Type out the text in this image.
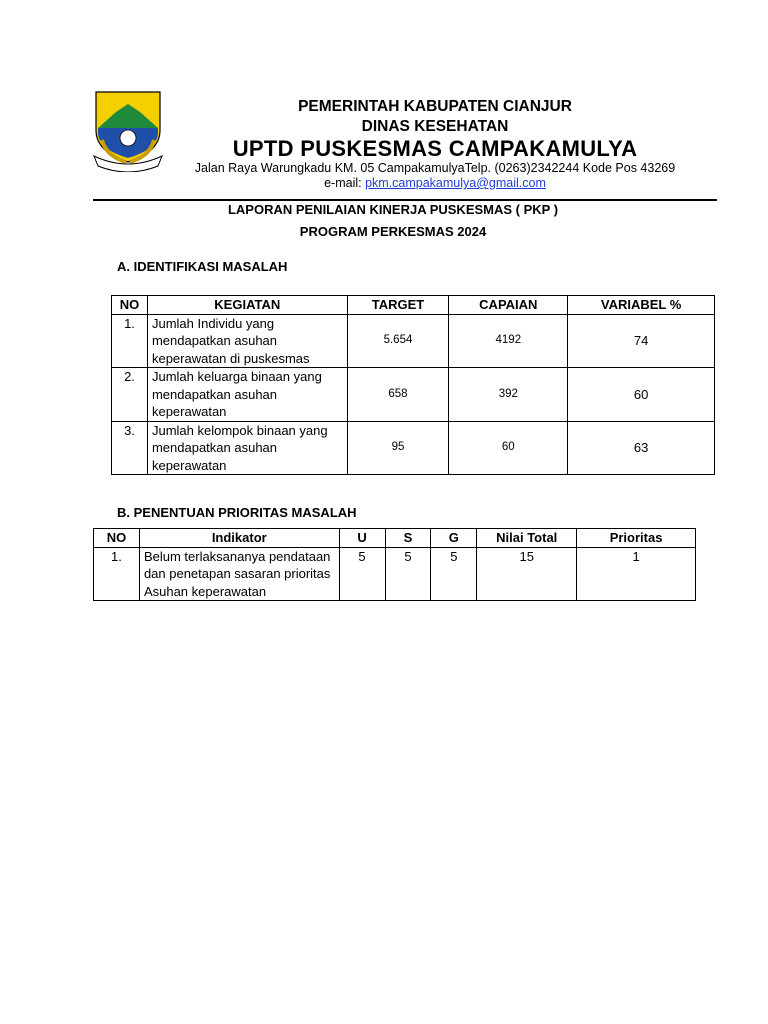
PEMERINTAH KABUPATEN CIANJUR
DINAS KESEHATAN
UPTD PUSKESMAS CAMPAKAMULYA
Jalan Raya Warungkadu KM. 05 CampakamulyaTelp. (0263)2342244 Kode Pos 43269
e-mail: pkm.campakamulya@gmail.com
LAPORAN PENILAIAN KINERJA PUSKESMAS ( PKP )
PROGRAM PERKESMAS 2024
A. IDENTIFIKASI MASALAH
NO	KEGIATAN	TARGET	CAPAIAN	VARIABEL %
1.	Jumlah Individu yang mendapatkan asuhan keperawatan di puskesmas	5.654	4192	74
2.	Jumlah keluarga binaan yang mendapatkan asuhan keperawatan	658	392	60
3.	Jumlah kelompok binaan yang mendapatkan asuhan keperawatan	95	60	63
B. PENENTUAN PRIORITAS MASALAH
NO	Indikator	U	S	G	Nilai Total	Prioritas
1.	Belum terlaksananya pendataan dan penetapan sasaran prioritas Asuhan keperawatan	5	5	5	15	1
